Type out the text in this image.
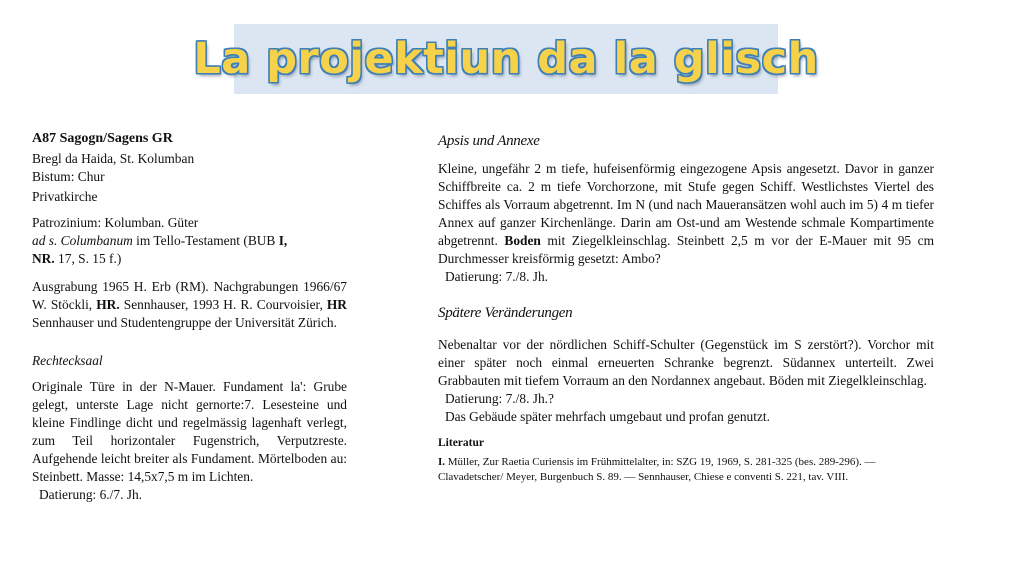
La projektiun da la glisch
A87 Sagogn/Sagens GR
Bregl da Haida, St. Kolumban
Bistum: Chur
Privatkirche
Patrozinium: Kolumban. Güter
ad s. Columbanum im Tello-Testament (BUB I,
NR. 17, S. 15 f.)
Ausgrabung 1965 H. Erb (RM). Nachgrabungen 1966/67 W. Stöckli, HR. Sennhauser, 1993 H. R. Courvoisier, HR Sennhauser und Studentengruppe der Universität Zürich.
Rechtecksaal
Originale Türe in der N-Mauer. Fundament la': Grube gelegt, unterste Lage nicht gernorte:7. Lesesteine und kleine Findlinge dicht und regelmässig lagenhaft verlegt, zum Teil horizontaler Fugenstrich, Verputzreste. Aufgehende leicht breiter als Fundament. Mörtelboden au: Steinbett. Masse: 14,5x7,5 m im Lichten.
Datierung: 6./7. Jh.
Apsis und Annexe
Kleine, ungefähr 2 m tiefe, hufeisenförmig eingezogene Apsis angesetzt. Davor in ganzer Schiffbreite ca. 2 m tiefe Vorchorzone, mit Stufe gegen Schiff. Westlichstes Viertel des Schiffes als Vorraum abgetrennt. Im N (und nach Maueransätzen wohl auch im 5) 4 m tiefer Annex auf ganzer Kirchenlänge. Darin am Ost-und am Westende schmale Kompartimente abgetrennt. Boden mit Ziegelkleinschlag. Steinbett 2,5 m vor der E-Mauer mit 95 cm Durchmesser kreisförmig gesetzt: Ambo?
Datierung: 7./8. Jh.
Spätere Veränderungen
Nebenaltar vor der nördlichen Schiff-Schulter (Gegenstück im S zerstört?). Vorchor mit einer später noch einmal erneuerten Schranke begrenzt. Südannex unterteilt. Zwei Grabbauten mit tiefem Vorraum an den Nordannex angebaut. Böden mit Ziegelkleinschlag.
Datierung: 7./8. Jh.?
Das Gebäude später mehrfach umgebaut und profan genutzt.
Literatur
I. Müller, Zur Raetia Curiensis im Frühmittelalter, in: SZG 19, 1969, S. 281-325 (bes. 289-296). — Clavadetscher/ Meyer, Burgenbuch S. 89. — Sennhauser, Chiese e conventi S. 221, tav. VIII.
